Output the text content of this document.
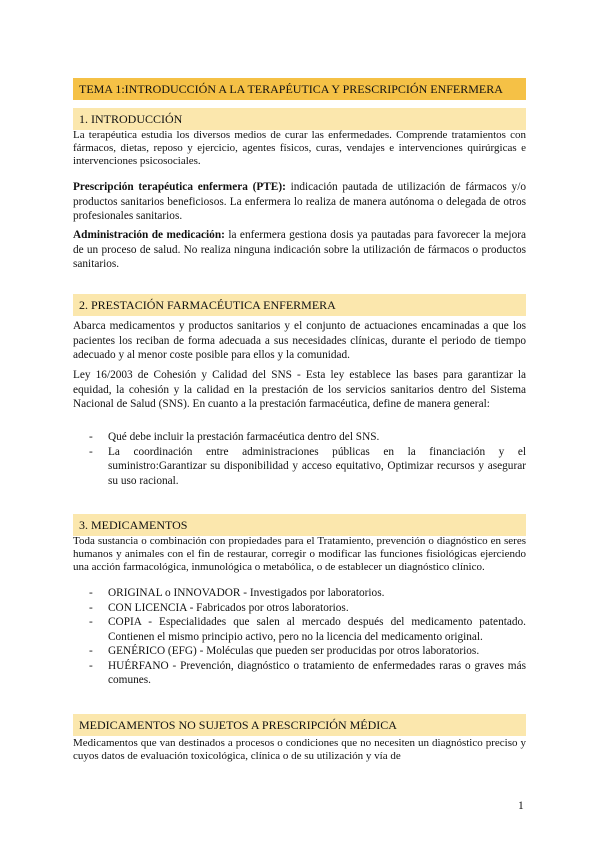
TEMA 1:INTRODUCCIÓN A LA TERAPÉUTICA Y PRESCRIPCIÓN ENFERMERA
1. INTRODUCCIÓN
La terapéutica estudia los diversos medios de curar las enfermedades. Comprende tratamientos con fármacos, dietas, reposo y ejercicio, agentes físicos, curas, vendajes e intervenciones quirúrgicas e intervenciones psicosociales.
Prescripción terapéutica enfermera (PTE): indicación pautada de utilización de fármacos y/o productos sanitarios beneficiosos. La enfermera lo realiza de manera autónoma o delegada de otros profesionales sanitarios.
Administración de medicación: la enfermera gestiona dosis ya pautadas para favorecer la mejora de un proceso de salud. No realiza ninguna indicación sobre la utilización de fármacos o productos sanitarios.
2. PRESTACIÓN FARMACÉUTICA ENFERMERA
Abarca medicamentos y productos sanitarios y el conjunto de actuaciones encaminadas a que los pacientes los reciban de forma adecuada a sus necesidades clínicas, durante el periodo de tiempo adecuado y al menor coste posible para ellos y la comunidad.
Ley 16/2003 de Cohesión y Calidad del SNS - Esta ley establece las bases para garantizar la equidad, la cohesión y la calidad en la prestación de los servicios sanitarios dentro del Sistema Nacional de Salud (SNS). En cuanto a la prestación farmacéutica, define de manera general:
- Qué debe incluir la prestación farmacéutica dentro del SNS.
- La coordinación entre administraciones públicas en la financiación y el suministro:Garantizar su disponibilidad y acceso equitativo, Optimizar recursos y asegurar su uso racional.
3. MEDICAMENTOS
Toda sustancia o combinación con propiedades para el Tratamiento, prevención o diagnóstico en seres humanos y animales con el fin de restaurar, corregir o modificar las funciones fisiológicas ejerciendo una acción farmacológica, inmunológica o metabólica, o de establecer un diagnóstico clínico.
- ORIGINAL o INNOVADOR - Investigados por laboratorios.
- CON LICENCIA - Fabricados por otros laboratorios.
- COPIA - Especialidades que salen al mercado después del medicamento patentado. Contienen el mismo principio activo, pero no la licencia del medicamento original.
- GENÉRICO (EFG) - Moléculas que pueden ser producidas por otros laboratorios.
- HUÉRFANO - Prevención, diagnóstico o tratamiento de enfermedades raras o graves más comunes.
MEDICAMENTOS NO SUJETOS A PRESCRIPCIÓN MÉDICA
Medicamentos que van destinados a procesos o condiciones que no necesiten un diagnóstico preciso y cuyos datos de evaluación toxicológica, clínica o de su utilización y vía de
1
